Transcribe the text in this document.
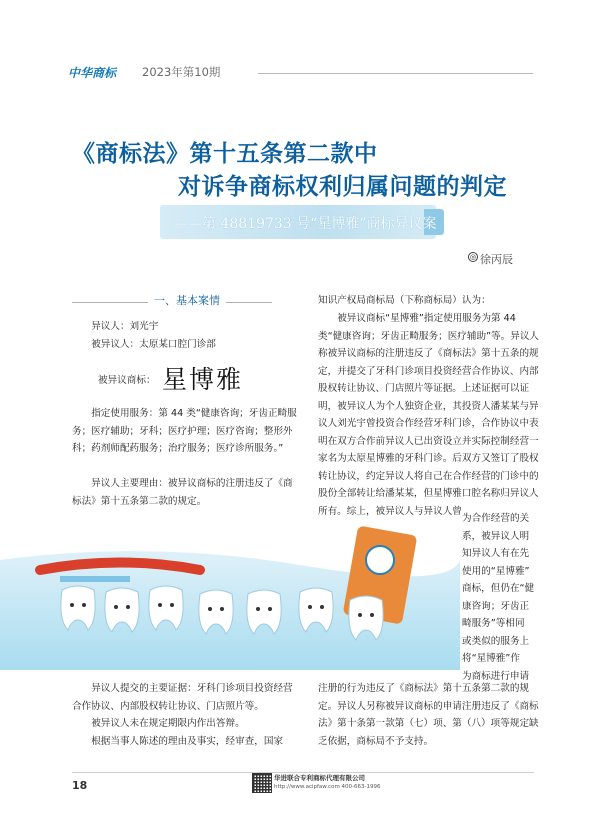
中华商标 2023年第10期
《商标法》第十五条第二款中
对诉争商标权利归属问题的判定
——第 48819733 号“星博雅”商标异议案
◎ 徐丙辰
一、基本案情
异议人：刘光宇
被异议人：太原某口腔门诊部
被异议商标： 星博雅
指定使用服务：第 44 类“健康咨询；牙齿正畸服务；医疗辅助；牙科；医疗护理；医疗咨询；整形外科；药剂师配药服务；治疗服务；医疗诊所服务。”
异议人主要理由：被异议商标的注册违反了《商标法》第十五条第二款的规定。
知识产权局商标局（下称商标局）认为：
被异议商标“星博雅”指定使用服务为第 44 类“健康咨询；牙齿正畸服务；医疗辅助”等。异议人称被异议商标的注册违反了《商标法》第十五条的规定，并提交了牙科门诊项目投资经营合作协议、内部股权转让协议、门店照片等证据。上述证据可以证明，被异议人为个人独资企业，其投资人潘某某与异议人刘光宇曾投资合作经营牙科门诊，合作协议中表明在双方合作前异议人已出资设立并实际控制经营一家名为太原星博雅的牙科门诊。后双方又签订了股权转让协议，约定异议人将自己在合作经营的门诊中的股份全部转让给潘某某，但星博雅口腔名称归异议人所有。综上，被异议人与异议人曾
为合作经营的关
系，被异议人明
知异议人有在先
使用的“星博雅”
商标，但仍在“健
康咨询；牙齿正
畸服务”等相同
或类似的服务上
将“星博雅”作
为商标进行申请
异议人提交的主要证据：牙科门诊项目投资经营合作协议、内部股权转让协议、门店照片等。
被异议人未在规定期限内作出答辩。
根据当事人陈述的理由及事实，经审查，国家
注册的行为违反了《商标法》第十五条第二款的规定。异议人另称被异议商标的申请注册违反了《商标法》第十条第一款第（七）项、第（八）项等规定缺乏依据，商标局不予支持。
18
华进联合专利商标代理有限公司
http://www.acipfaw.com 400-663-1996
